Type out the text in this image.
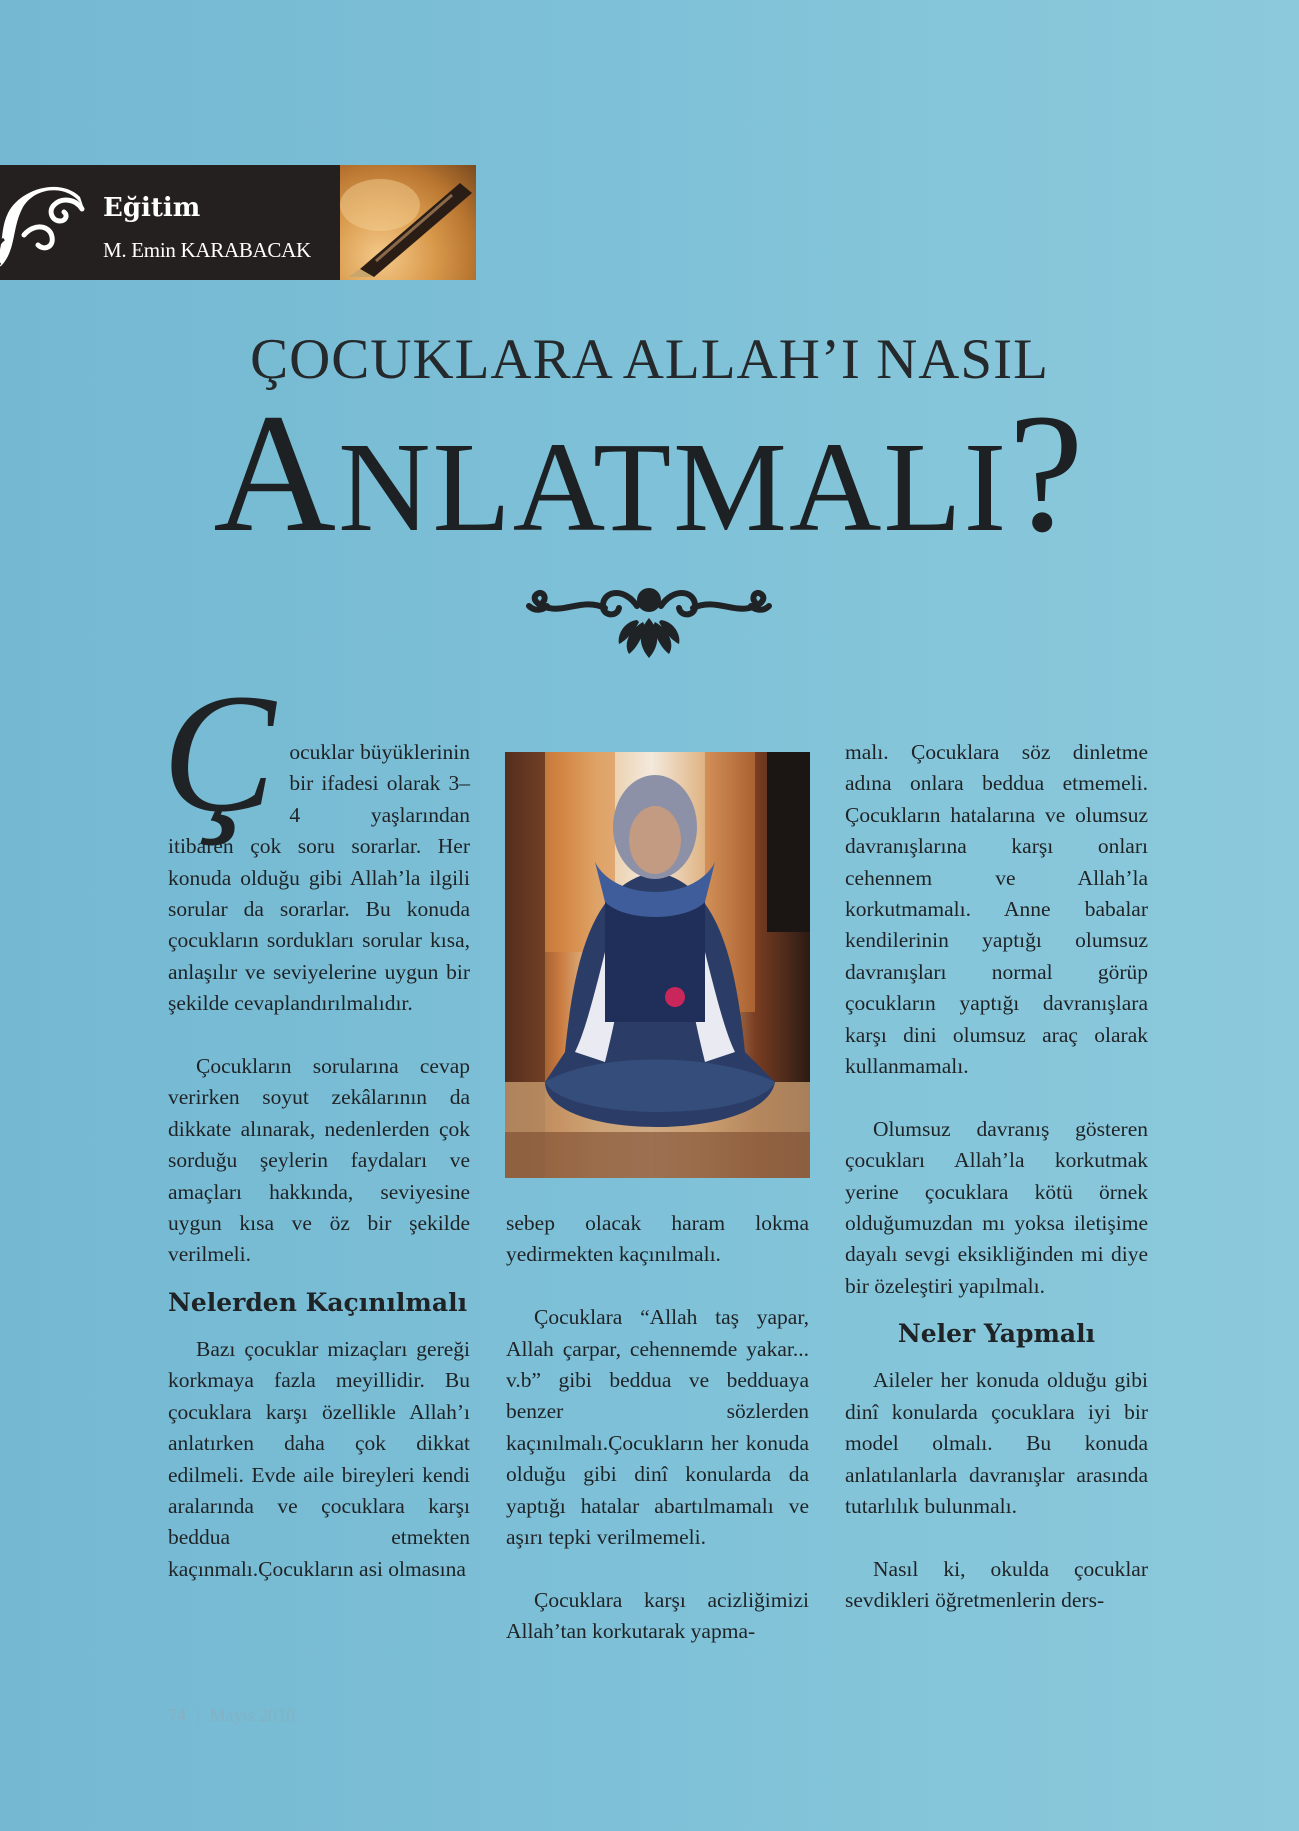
Eğitim
M. Emin KARABACAK
ÇOCUKLARA ALLAH’I NASIL
ANLATMALI?
Ç ocuklar büyüklerinin bir ifadesi olarak 3–4 yaşlarından itibaren çok soru sorarlar. Her konuda olduğu gibi Allah’la ilgili sorular da sorarlar. Bu konuda çocukların sordukları sorular kısa, anlaşılır ve seviyelerine uygun bir şekilde cevaplandırılmalıdır.

Çocukların sorularına cevap verirken soyut zekâlarının da dikkate alınarak, nedenlerden çok sorduğu şeylerin faydaları ve amaçları hakkında, seviyesine uygun kısa ve öz bir şekilde verilmeli.

Nelerden Kaçınılmalı

Bazı çocuklar mizaçları gereği korkmaya fazla meyillidir. Bu çocuklara karşı özellikle Allah’ı anlatırken daha çok dikkat edilmeli. Evde aile bireyleri kendi aralarında ve çocuklara karşı beddua etmekten kaçınmalı.Çocukların asi olmasına

sebep olacak haram lokma yedirmekten kaçınılmalı.

Çocuklara “Allah taş yapar, Allah çarpar, cehennemde yakar... v.b” gibi beddua ve bedduaya benzer sözlerden kaçınılmalı.Çocukların her konuda olduğu gibi dinî konularda da yaptığı hatalar abartılmamalı ve aşırı tepki verilmemeli.

Çocuklara karşı acizliğimizi Allah’tan korkutarak yapma-

malı. Çocuklara söz dinletme adına onlara beddua etmemeli. Çocukların hatalarına ve olumsuz davranışlarına karşı onları cehennem ve Allah’la korkutmamalı. Anne babalar kendilerinin yaptığı olumsuz davranışları normal görüp çocukların yaptığı davranışlara karşı dini olumsuz araç olarak kullanmamalı.

Olumsuz davranış gösteren çocukları Allah’la korkutmak yerine çocuklara kötü örnek olduğumuzdan mı yoksa iletişime dayalı sevgi eksikliğinden mi diye bir özeleştiri yapılmalı.

Neler Yapmalı

Aileler her konuda olduğu gibi dinî konularda çocuklara iyi bir model olmalı. Bu konuda anlatılanlarla davranışlar arasında tutarlılık bulunmalı.

Nasıl ki, okulda çocuklar sevdikleri öğretmenlerin ders-

74 | Mayıs 2010
